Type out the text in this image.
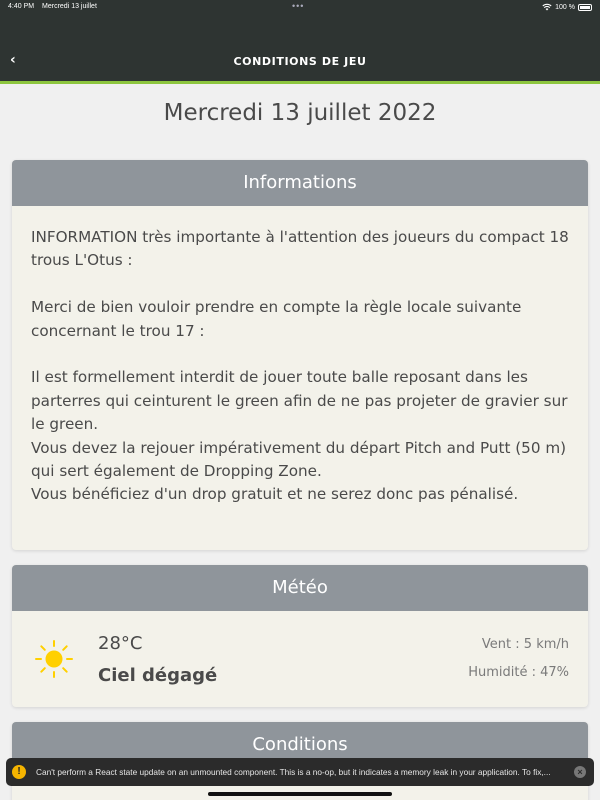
4:40 PM Mercredi 13 juillet	•••	100 %
‹	CONDITIONS DE JEU
Mercredi 13 juillet 2022
Informations

INFORMATION très importante à l'attention des joueurs du compact 18 trous L'Otus :

Merci de bien vouloir prendre en compte la règle locale suivante concernant le trou 17 :

Il est formellement interdit de jouer toute balle reposant dans les parterres qui ceinturent le green afin de ne pas projeter de gravier sur le green.
Vous devez la rejouer impérativement du départ Pitch and Putt (50 m) qui sert également de Dropping Zone.
Vous bénéficiez d'un drop gratuit et ne serez donc pas pénalisé.

Météo
28°C
Ciel dégagé
Vent : 5 km/h
Humidité : 47%
Conditions
!	Can't perform a React state update on an unmounted component. This is a no-op, but it indicates a memory leak in your application. To fix,...	×
